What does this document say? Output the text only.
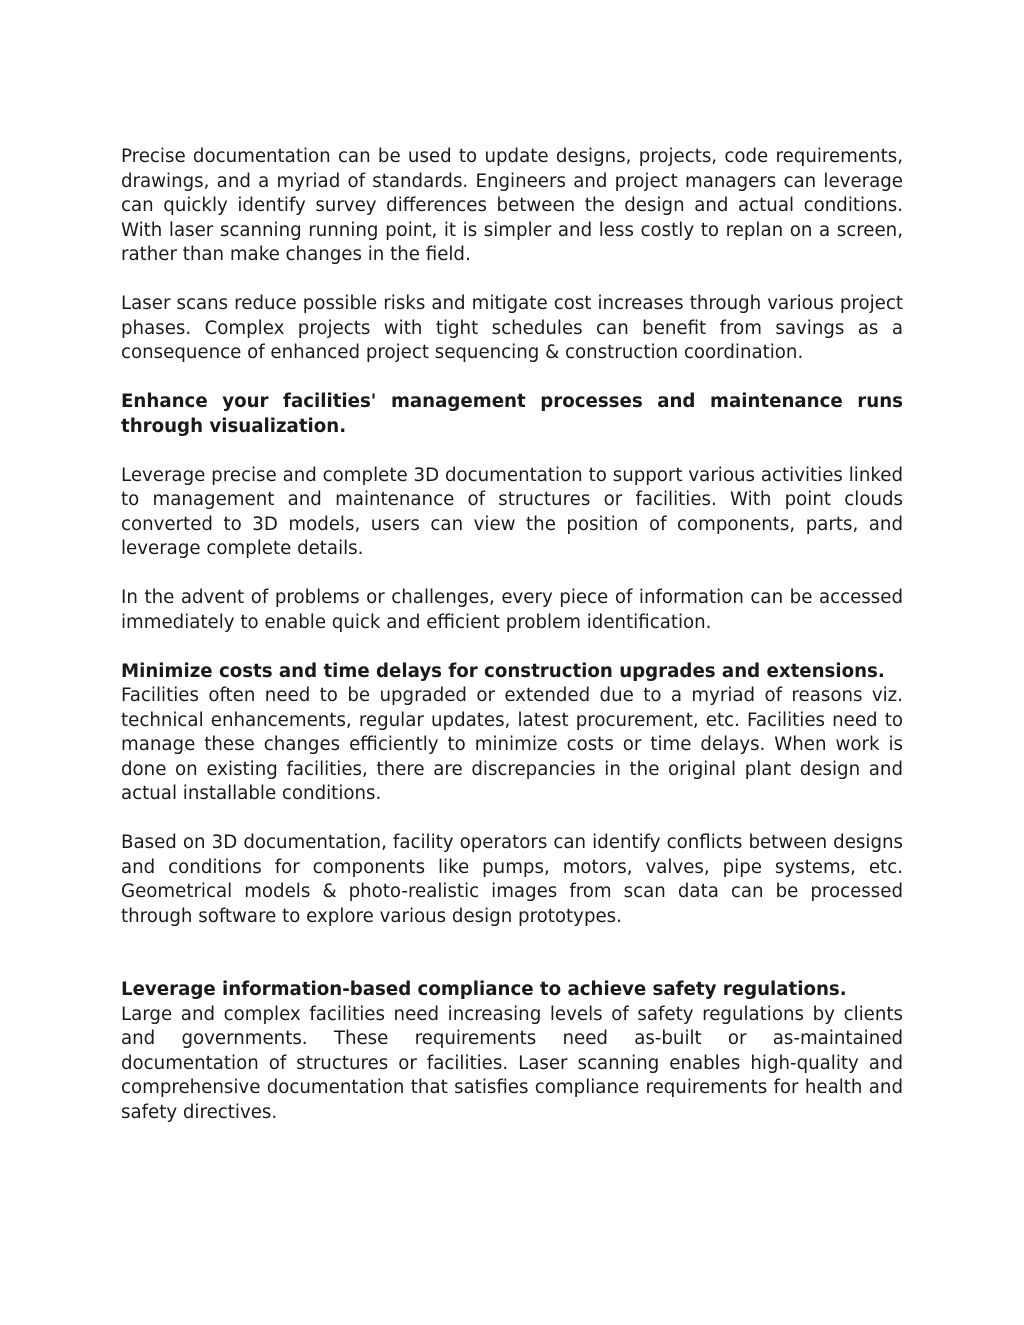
Precise documentation can be used to update designs, projects, code requirements, drawings, and a myriad of standards. Engineers and project managers can leverage can quickly identify survey differences between the design and actual conditions. With laser scanning running point, it is simpler and less costly to replan on a screen, rather than make changes in the field.

Laser scans reduce possible risks and mitigate cost increases through various project phases. Complex projects with tight schedules can benefit from savings as a consequence of enhanced project sequencing & construction coordination.

Enhance your facilities' management processes and maintenance runs through visualization.

Leverage precise and complete 3D documentation to support various activities linked to management and maintenance of structures or facilities. With point clouds converted to 3D models, users can view the position of components, parts, and leverage complete details.

In the advent of problems or challenges, every piece of information can be accessed immediately to enable quick and efficient problem identification.

Minimize costs and time delays for construction upgrades and extensions.

Facilities often need to be upgraded or extended due to a myriad of reasons viz. technical enhancements, regular updates, latest procurement, etc. Facilities need to manage these changes efficiently to minimize costs or time delays. When work is done on existing facilities, there are discrepancies in the original plant design and actual installable conditions.

Based on 3D documentation, facility operators can identify conflicts between designs and conditions for components like pumps, motors, valves, pipe systems, etc. Geometrical models & photo-realistic images from scan data can be processed through software to explore various design prototypes.

Leverage information-based compliance to achieve safety regulations.

Large and complex facilities need increasing levels of safety regulations by clients and governments. These requirements need as-built or as-maintained documentation of structures or facilities. Laser scanning enables high-quality and comprehensive documentation that satisfies compliance requirements for health and safety directives.
